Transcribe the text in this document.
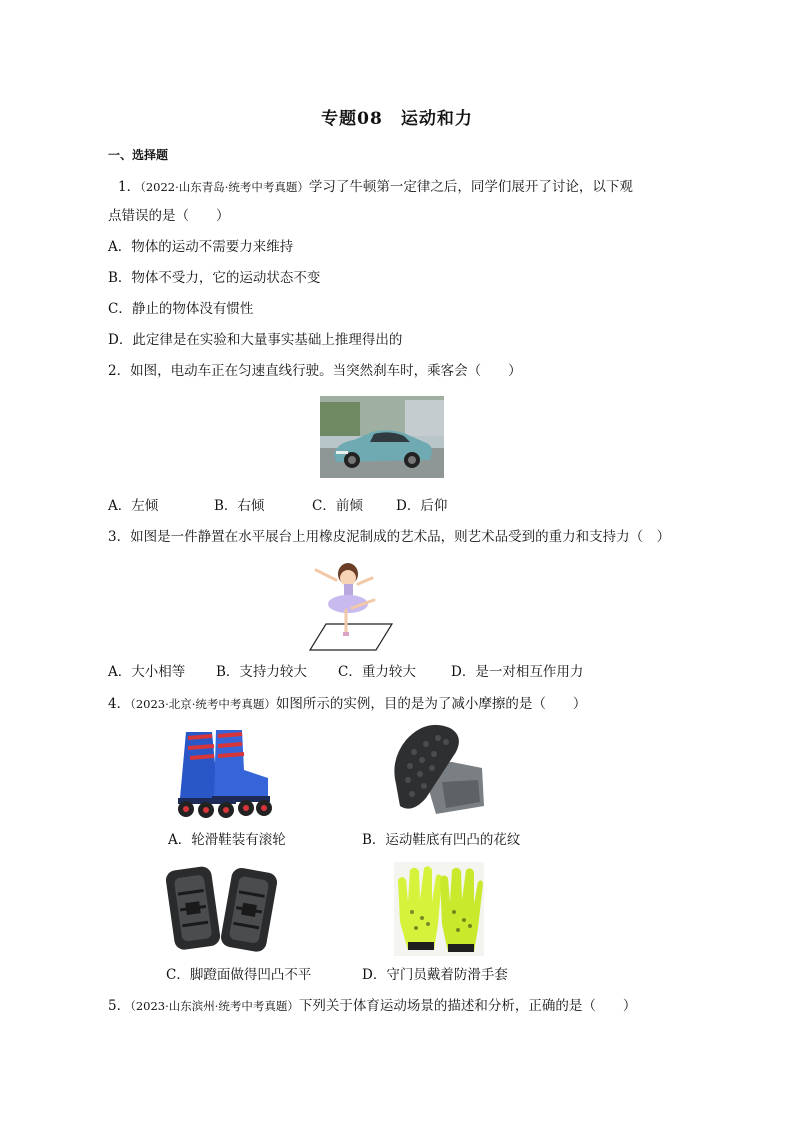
专题08　运动和力
一、选择题
1．（2022·山东青岛·统考中考真题）学习了牛顿第一定律之后，同学们展开了讨论，以下观
点错误的是（　　）
A．物体的运动不需要力来维持
B．物体不受力，它的运动状态不变
C．静止的物体没有惯性
D．此定律是在实验和大量事实基础上推理得出的
2．如图，电动车正在匀速直线行驶。当突然刹车时，乘客会（　　）
A．左倾	B．右倾	C．前倾	D．后仰
3．如图是一件静置在水平展台上用橡皮泥制成的艺术品，则艺术品受到的重力和支持力（　）
A．大小相等	B．支持力较大	C．重力较大	D．是一对相互作用力
4．（2023·北京·统考中考真题）如图所示的实例，目的是为了减小摩擦的是（　　）
A．轮滑鞋装有滚轮	B．运动鞋底有凹凸的花纹
C．脚蹬面做得凹凸不平	D．守门员戴着防滑手套
5．（2023·山东滨州·统考中考真题）下列关于体育运动场景的描述和分析，正确的是（　　）
